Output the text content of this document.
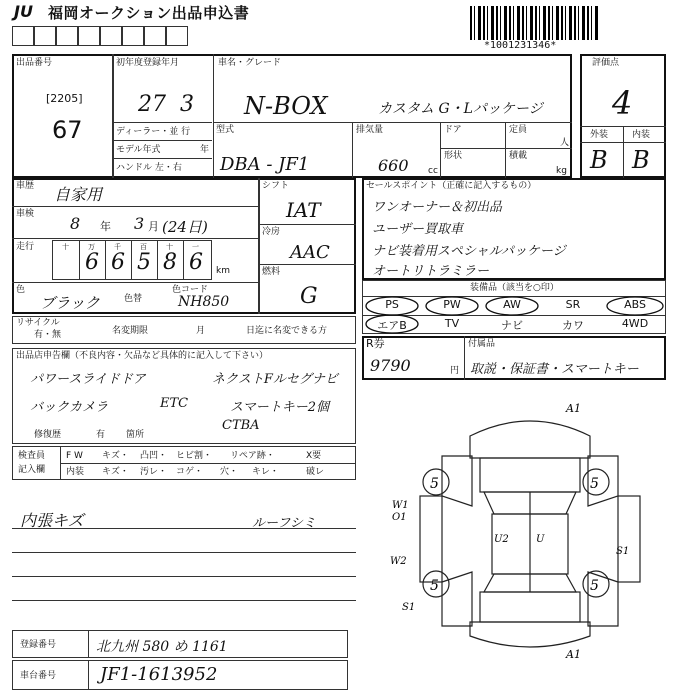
JU 福岡オークション出品申込書
*1001231346*
出品番号
[2205]
67
初年度登録年月
27 3
ディーラー・並 行
モデル年式	年
ハンドル 左・右
車名・グレード
N-BOX	カスタム G・Lパッケージ
型式
DBA - JF1
排気量
660 cc
ドア	定員
人
形状	積載
kg
評価点
4
外装	内装
B B
車歴 自家用
車検 8 年 3 月 (24日)
走行	十	万	千	百	十	一
6 6 5 8 6 km
色
ブラック	色替
色コード
NH850
シフト
IAT
冷房
AAC
燃料
G
セールスポイント（正確に記入するもの）
ワンオーナー＆初出品
ユーザー買取車
ナビ装着用スペシャルパッケージ
オートリトラミラー
装備品（該当を○印）
PS	PW	AW	SR	ABS
エアB	TV	ナビ	カワ	4WD
リサイクル
有・無	名変期限	月	日迄に名変できる方
R券
9790	円
付属品
取説・保証書・スマートキー
出品店申告欄（不良内容・欠品など具体的に記入して下さい）
パワースライドドア	ネクストFルセグナビ
バックカメラ	ETC	スマートキー2個
CTBA
修復歴	有 箇所
検査員
記入欄
F W キズ・ 凸凹・ ヒビ割・ リペア跡・	X要
内装 キズ・ 汚レ・ コゲ・ 穴・ キレ・	破レ
内張キズ	ルーフシミ
5	5
5	5
A1
A1
W1
O1
W2
U2	U
S1
S1
登録番号	北九州 580 め 1161
車台番号 JF1-1613952
